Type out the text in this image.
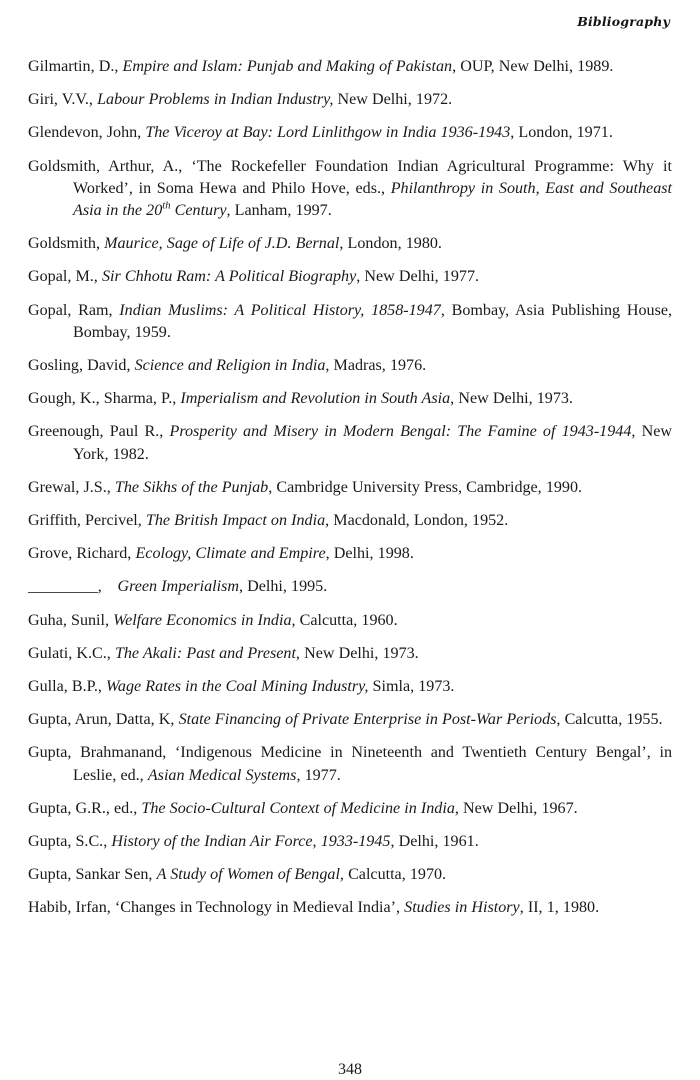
Bibliography

Gilmartin, D., Empire and Islam: Punjab and Making of Pakistan, OUP, New Delhi, 1989.

Giri, V.V., Labour Problems in Indian Industry, New Delhi, 1972.

Glendevon, John, The Viceroy at Bay: Lord Linlithgow in India 1936-1943, London, 1971.

Goldsmith, Arthur, A., ‘The Rockefeller Foundation Indian Agricultural Programme: Why it Worked’, in Soma Hewa and Philo Hove, eds., Philanthropy in South, East and Southeast Asia in the 20th Century, Lanham, 1997.

Goldsmith, Maurice, Sage of Life of J.D. Bernal, London, 1980.

Gopal, M., Sir Chhotu Ram: A Political Biography, New Delhi, 1977.

Gopal, Ram, Indian Muslims: A Political History, 1858-1947, Bombay, Asia Publishing House, Bombay, 1959.

Gosling, David, Science and Religion in India, Madras, 1976.

Gough, K., Sharma, P., Imperialism and Revolution in South Asia, New Delhi, 1973.

Greenough, Paul R., Prosperity and Misery in Modern Bengal: The Famine of 1943-1944, New York, 1982.

Grewal, J.S., The Sikhs of the Punjab, Cambridge University Press, Cambridge, 1990.

Griffith, Percivel, The British Impact on India, Macdonald, London, 1952.

Grove, Richard, Ecology, Climate and Empire, Delhi, 1998.

_________, Green Imperialism, Delhi, 1995.

Guha, Sunil, Welfare Economics in India, Calcutta, 1960.

Gulati, K.C., The Akali: Past and Present, New Delhi, 1973.

Gulla, B.P., Wage Rates in the Coal Mining Industry, Simla, 1973.

Gupta, Arun, Datta, K, State Financing of Private Enterprise in Post-War Periods, Calcutta, 1955.

Gupta, Brahmanand, ‘Indigenous Medicine in Nineteenth and Twentieth Century Bengal’, in Leslie, ed., Asian Medical Systems, 1977.

Gupta, G.R., ed., The Socio-Cultural Context of Medicine in India, New Delhi, 1967.

Gupta, S.C., History of the Indian Air Force, 1933-1945, Delhi, 1961.

Gupta, Sankar Sen, A Study of Women of Bengal, Calcutta, 1970.

Habib, Irfan, ‘Changes in Technology in Medieval India’, Studies in History, II, 1, 1980.

348
